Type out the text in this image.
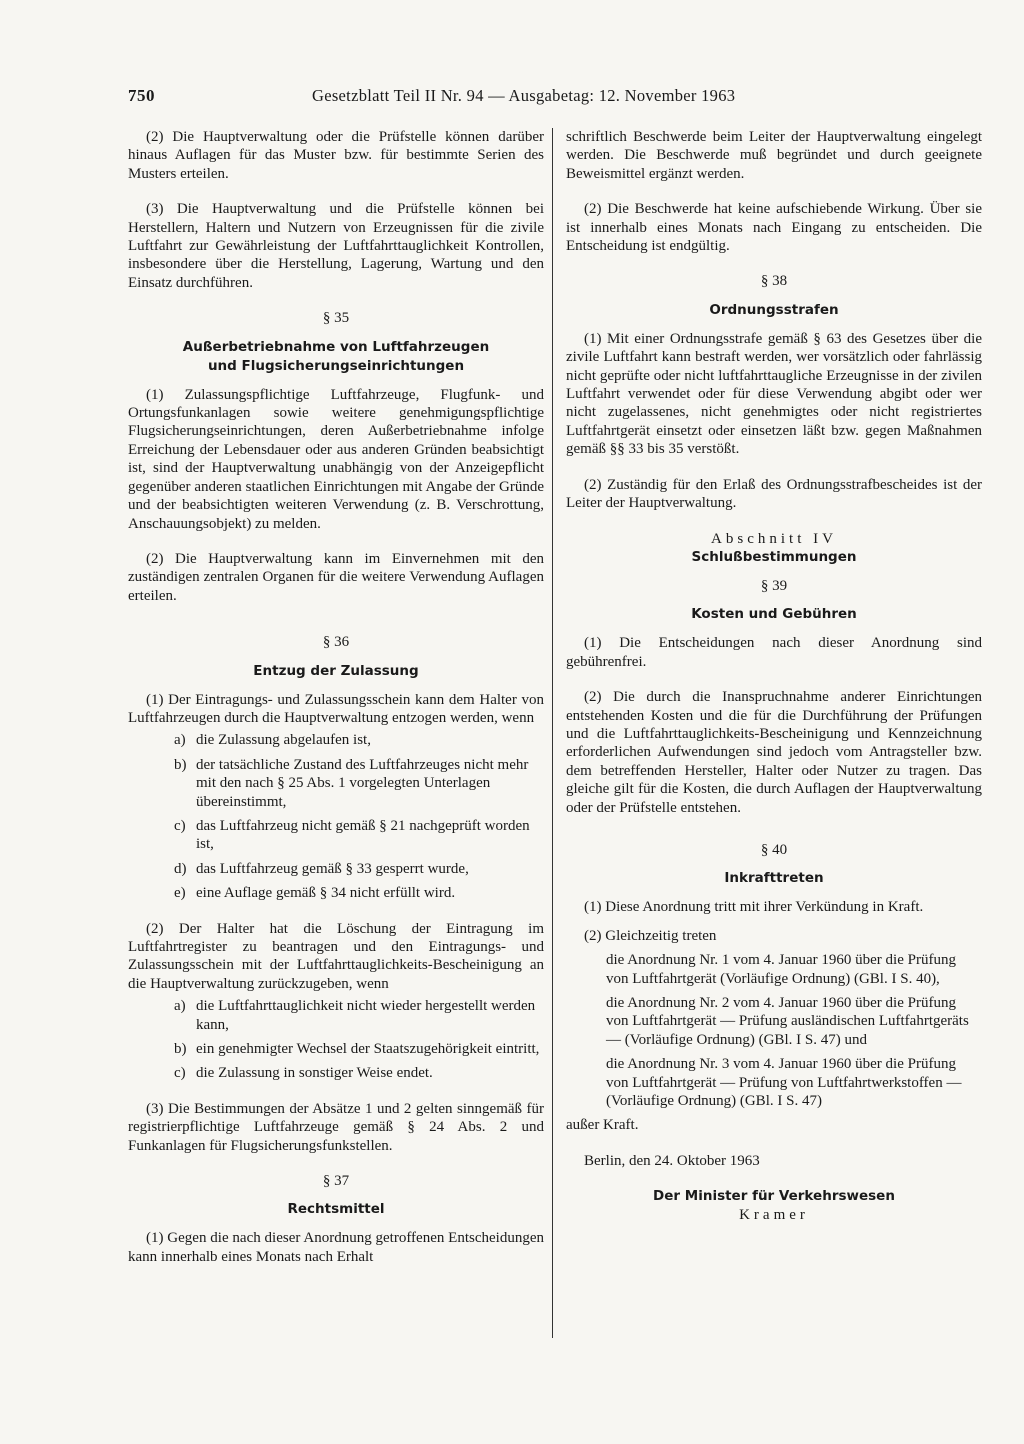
750	Gesetzblatt Teil II Nr. 94 — Ausgabetag: 12. November 1963

(2) Die Hauptverwaltung oder die Prüfstelle können darüber hinaus Auflagen für das Muster bzw. für bestimmte Serien des Musters erteilen.

(3) Die Hauptverwaltung und die Prüfstelle können bei Herstellern, Haltern und Nutzern von Erzeugnissen für die zivile Luftfahrt zur Gewährleistung der Luftfahrttauglichkeit Kontrollen, insbesondere über die Herstellung, Lagerung, Wartung und den Einsatz durchführen.

§ 35

Außerbetriebnahme von Luftfahrzeugen
und Flugsicherungseinrichtungen

(1) Zulassungspflichtige Luftfahrzeuge, Flugfunk- und Ortungsfunkanlagen sowie weitere genehmigungspflichtige Flugsicherungseinrichtungen, deren Außerbetriebnahme infolge Erreichung der Lebensdauer oder aus anderen Gründen beabsichtigt ist, sind der Hauptverwaltung unabhängig von der Anzeigepflicht gegenüber anderen staatlichen Einrichtungen mit Angabe der Gründe und der beabsichtigten weiteren Verwendung (z. B. Verschrottung, Anschauungsobjekt) zu melden.

(2) Die Hauptverwaltung kann im Einvernehmen mit den zuständigen zentralen Organen für die weitere Verwendung Auflagen erteilen.

§ 36

Entzug der Zulassung

(1) Der Eintragungs- und Zulassungsschein kann dem Halter von Luftfahrzeugen durch die Hauptverwaltung entzogen werden, wenn

a) die Zulassung abgelaufen ist,
b) der tatsächliche Zustand des Luftfahrzeuges nicht mehr mit den nach § 25 Abs. 1 vorgelegten Unterlagen übereinstimmt,
c) das Luftfahrzeug nicht gemäß § 21 nachgeprüft worden ist,
d) das Luftfahrzeug gemäß § 33 gesperrt wurde,
e) eine Auflage gemäß § 34 nicht erfüllt wird.

(2) Der Halter hat die Löschung der Eintragung im Luftfahrtregister zu beantragen und den Eintragungs- und Zulassungsschein mit der Luftfahrttauglichkeits-Bescheinigung an die Hauptverwaltung zurückzugeben, wenn

a) die Luftfahrttauglichkeit nicht wieder hergestellt werden kann,
b) ein genehmigter Wechsel der Staatszugehörigkeit eintritt,
c) die Zulassung in sonstiger Weise endet.

(3) Die Bestimmungen der Absätze 1 und 2 gelten sinngemäß für registrierpflichtige Luftfahrzeuge gemäß § 24 Abs. 2 und Funkanlagen für Flugsicherungsfunkstellen.

§ 37

Rechtsmittel

(1) Gegen die nach dieser Anordnung getroffenen Entscheidungen kann innerhalb eines Monats nach Erhalt

schriftlich Beschwerde beim Leiter der Hauptverwaltung eingelegt werden. Die Beschwerde muß begründet und durch geeignete Beweismittel ergänzt werden.

(2) Die Beschwerde hat keine aufschiebende Wirkung. Über sie ist innerhalb eines Monats nach Eingang zu entscheiden. Die Entscheidung ist endgültig.

§ 38

Ordnungsstrafen

(1) Mit einer Ordnungsstrafe gemäß § 63 des Gesetzes über die zivile Luftfahrt kann bestraft werden, wer vorsätzlich oder fahrlässig nicht geprüfte oder nicht luftfahrttaugliche Erzeugnisse in der zivilen Luftfahrt verwendet oder für diese Verwendung abgibt oder wer nicht zugelassenes, nicht genehmigtes oder nicht registriertes Luftfahrtgerät einsetzt oder einsetzen läßt bzw. gegen Maßnahmen gemäß §§ 33 bis 35 verstößt.

(2) Zuständig für den Erlaß des Ordnungsstrafbescheides ist der Leiter der Hauptverwaltung.

Abschnitt IV

Schlußbestimmungen

§ 39

Kosten und Gebühren

(1) Die Entscheidungen nach dieser Anordnung sind gebührenfrei.

(2) Die durch die Inanspruchnahme anderer Einrichtungen entstehenden Kosten und die für die Durchführung der Prüfungen und die Luftfahrttauglichkeits-Bescheinigung und Kennzeichnung erforderlichen Aufwendungen sind jedoch vom Antragsteller bzw. dem betreffenden Hersteller, Halter oder Nutzer zu tragen. Das gleiche gilt für die Kosten, die durch Auflagen der Hauptverwaltung oder der Prüfstelle entstehen.

§ 40

Inkrafttreten

(1) Diese Anordnung tritt mit ihrer Verkündung in Kraft.

(2) Gleichzeitig treten

die Anordnung Nr. 1 vom 4. Januar 1960 über die Prüfung von Luftfahrtgerät (Vorläufige Ordnung) (GBl. I S. 40),

die Anordnung Nr. 2 vom 4. Januar 1960 über die Prüfung von Luftfahrtgerät — Prüfung ausländischen Luftfahrtgeräts — (Vorläufige Ordnung) (GBl. I S. 47) und

die Anordnung Nr. 3 vom 4. Januar 1960 über die Prüfung von Luftfahrtgerät — Prüfung von Luftfahrtwerkstoffen — (Vorläufige Ordnung) (GBl. I S. 47)

außer Kraft.

Berlin, den 24. Oktober 1963

Der Minister für Verkehrswesen

Kramer
